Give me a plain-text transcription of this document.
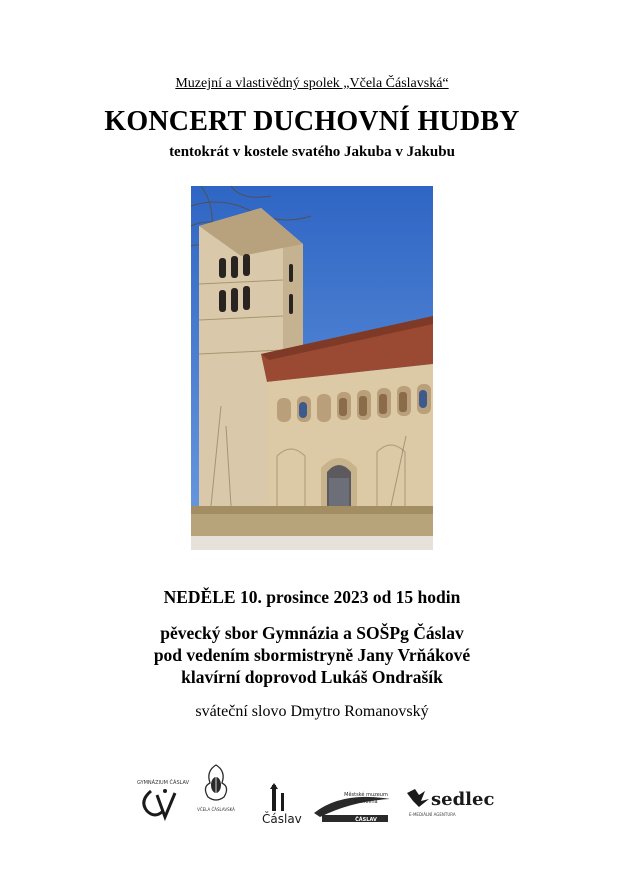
Muzejní a vlastivědný spolek „Včela Čáslavská“
KONCERT DUCHOVNÍ HUDBY
tentokrát v kostele svatého Jakuba v Jakubu
NEDĚLE 10. prosince 2023 od 15 hodin
pěvecký sbor Gymnázia a SOŠPg Čáslav
pod vedením sbormistryně Jany Vrňákové
klavírní doprovod Lukáš Ondrašík
sváteční slovo Dmytro Romanovský
GYMNÁZIUM ČÁSLAV
VČELA ČÁSLAVSKÁ
Čáslav
Městské muzeum
Knihovna
ČÁSLAV
sedlec
E-MEDIÁLNÍ AGENTURA
